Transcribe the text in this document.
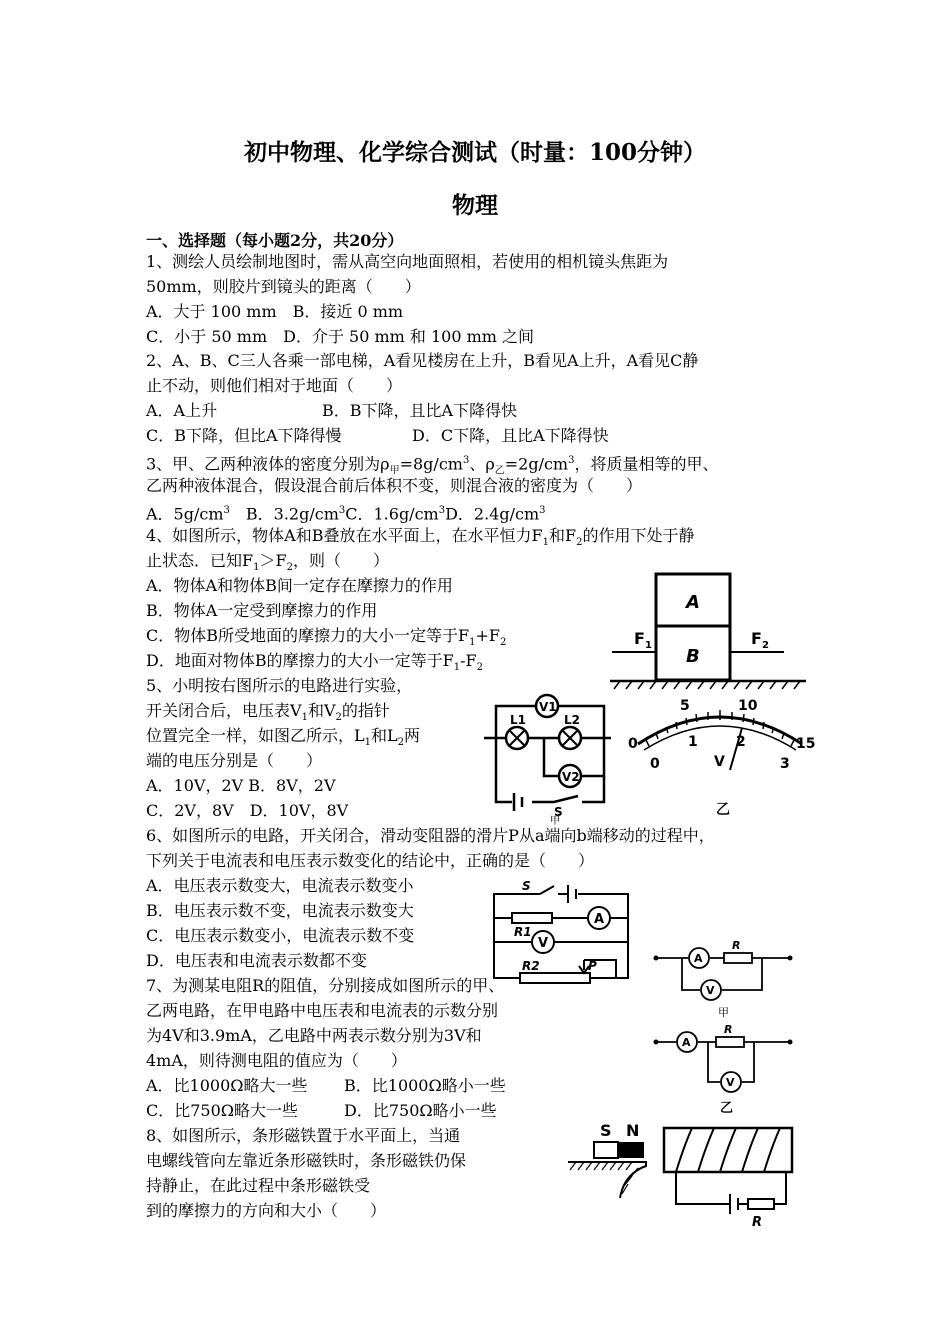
初中物理、化学综合测试（时量：100分钟）
物理
一、选择题（每小题2分，共20分）
1、测绘人员绘制地图时，需从高空向地面照相，若使用的相机镜头焦距为
50mm，则胶片到镜头的距离（　　）
A．大于 100 mm　B．接近 0 mm
C．小于 50 mm　D．介于 50 mm 和 100 mm 之间
2、A、B、C三人各乘一部电梯，A看见楼房在上升，B看见A上升，A看见C静
止不动，则他们相对于地面（　　）
A．A上升	B．B下降，且比A下降得快
C．B下降，但比A下降得慢	D．C下降，且比A下降得快
3、甲、乙两种液体的密度分别为$\rho_甲=8g/cm^3$、$\rho_乙=2g/cm^3$，将质量相等的甲、
乙两种液体混合，假设混合前后体积不变，则混合液的密度为（　　）
A．$5g/cm^3$　B．$3.2g/cm^3C$．$1.6g/cm^3D$．$2.4g/cm^3$
4、如图所示，物体A和B叠放在水平面上，在水平恒力$F_1$和$F_2$的作用下处于静
止状态．已知$F_1>F_2$，则（　　）
A．物体A和物体B间一定存在摩擦力的作用
B．物体A一定受到摩擦力的作用
C．物体B所受地面的摩擦力的大小一定等于$F_1+F_2$
D．地面对物体B的摩擦力的大小一定等于$F_1-F_2$
A
B
$F_1$	$F_2$
5、小明按右图所示的电路进行实验，
开关闭合后，电压表$V_1$和$V_2$的指针
位置完全一样，如图乙所示，$L_1$和$L_2$两
端的电压分别是（　　）
A．10V，2V B．8V，2V
C．2V，8V　D．10V，8V
V1
V2
L1	L2
S
甲
0
5	10
15
0
1	2
3
V
乙
6、如图所示的电路，开关闭合，滑动变阻器的滑片P从a端向b端移动的过程中，
下列关于电流表和电压表示数变化的结论中，正确的是（　　）
A．电压表示数变大，电流表示数变小
B．电压表示数不变，电流表示数变大
C．电压表示数变小，电流表示数不变
D．电压表和电流表示数都不变
S
A
V
R1
R2	P
7、为测某电阻R的阻值，分别接成如图所示的甲、
乙两电路，在甲电路中电压表和电流表的示数分别
为4V和3.9mA，乙电路中两表示数分别为3V和
4mA，则待测电阻的值应为（　　）
A．比1000Ω略大一些 B．比1000Ω略小一些
C．比750Ω略大一些	D．比750Ω略小一些
A
V
R
甲
A
V
R
乙
8、如图所示，条形磁铁置于水平面上，当通
电螺线管向左靠近条形磁铁时，条形磁铁仍保
持静止，在此过程中条形磁铁受
到的摩擦力的方向和大小（　　）
S N
R
